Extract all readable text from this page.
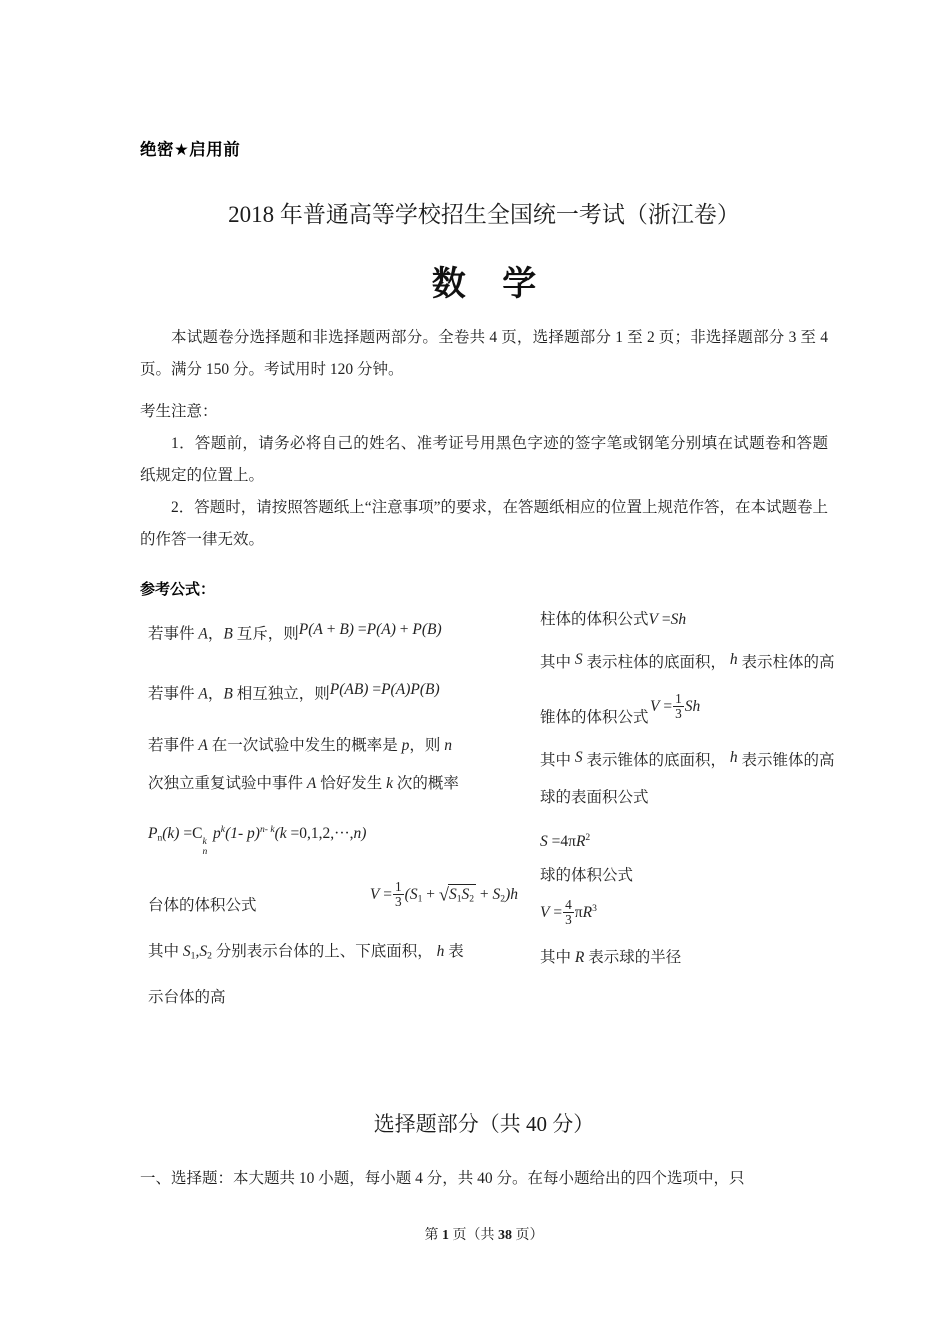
绝密★启用前
2018 年普通高等学校招生全国统一考试（浙江卷）
数 学
本试题卷分选择题和非选择题两部分。全卷共 4 页，选择题部分 1 至 2 页；非选择题部分 3 至 4 页。满分 150 分。考试用时 120 分钟。
考生注意：
1．答题前，请务必将自己的姓名、准考证号用黑色字迹的签字笔或钢笔分别填在试题卷和答题纸规定的位置上。
2．答题时，请按照答题纸上“注意事项”的要求，在答题纸相应的位置上规范作答，在本试题卷上的作答一律无效。
参考公式：
若事件 A，B 互斥，则P(A + B) =P(A) + P(B)
若事件 A，B 相互独立，则P(AB) =P(A)P(B)
若事件 A 在一次试验中发生的概率是 p，则 n
次独立重复试验中事件 A 恰好发生 k 次的概率
$P_n(k) =C$ k
n
$p^k(1-$ p)$^{n- k}$(k =0,1,2,···,n)
$V = \frac{1}{3} (S_1 + √S_1S_2 + S_2)h$
台体的体积公式
其中 $S_1,S_2$ 分别表示台体的上、下底面积， h 表
示台体的高
柱体的体积公式V =Sh
其中 S 表示柱体的底面积， h 表示柱体的高
$V = \frac{1}{3}$ Sh
锥体的体积公式
其中 S 表示锥体的底面积， h 表示锥体的高
球的表面积公式
$S =4\pi R^2$
球的体积公式
$V = \frac{4}{3} \pi R^3$
其中 R 表示球的半径
选择题部分（共 40 分）
一、选择题：本大题共 10 小题，每小题 4 分，共 40 分。在每小题给出的四个选项中，只
第 1 页（共 38 页）
